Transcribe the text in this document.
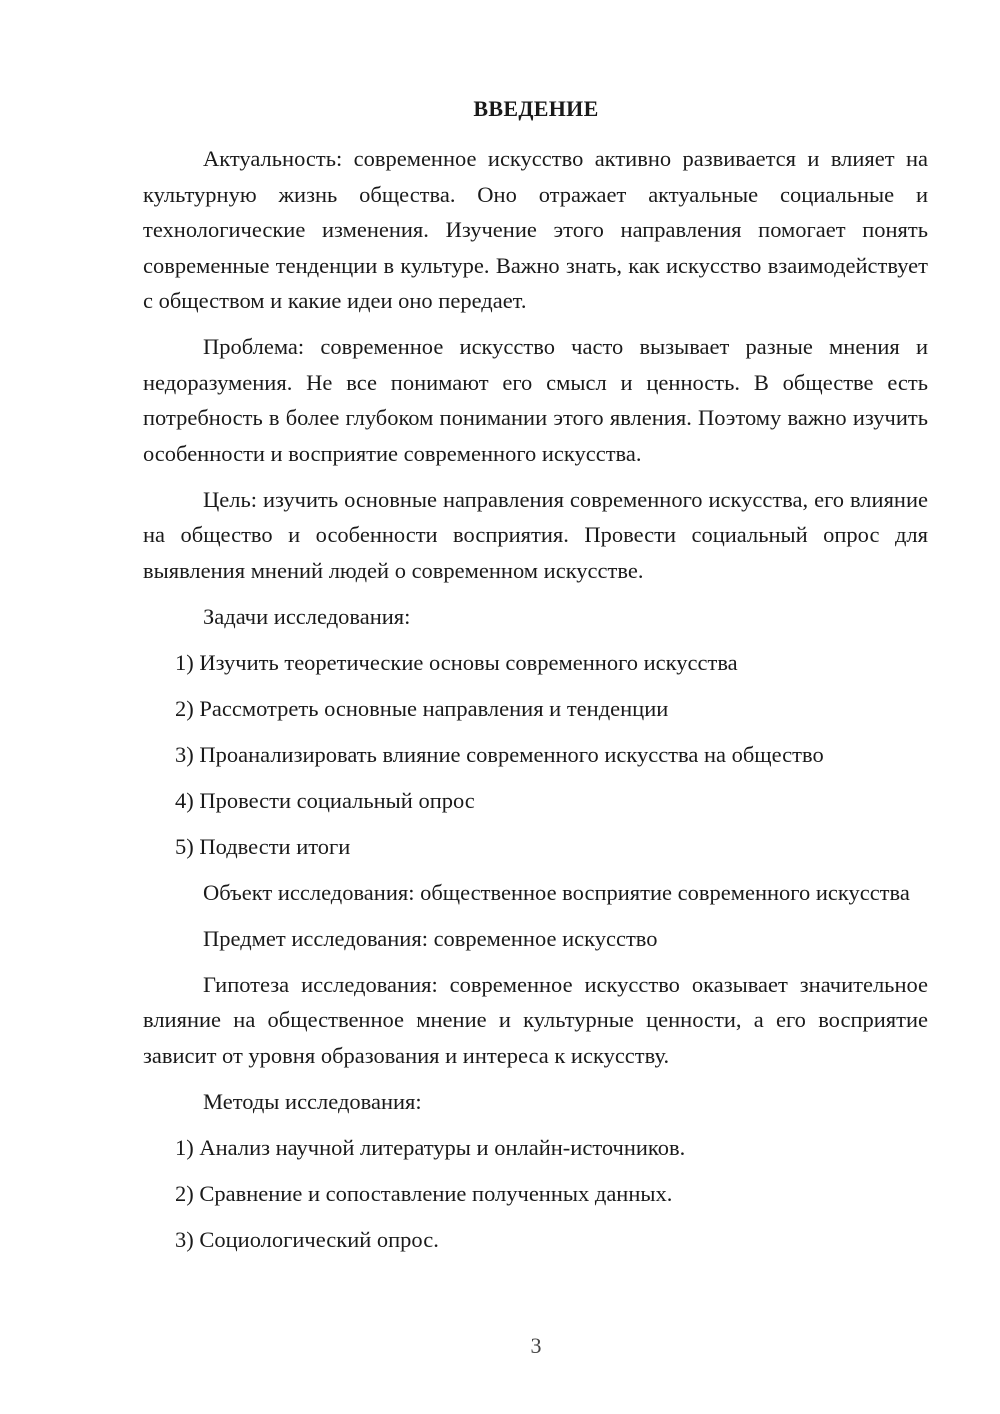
ВВЕДЕНИЕ

Актуальность: современное искусство активно развивается и влияет на культурную жизнь общества. Оно отражает актуальные социальные и технологические изменения. Изучение этого направления помогает понять современные тенденции в культуре. Важно знать, как искусство взаимодействует с обществом и какие идеи оно передает.

Проблема: современное искусство часто вызывает разные мнения и недоразумения. Не все понимают его смысл и ценность. В обществе есть потребность в более глубоком понимании этого явления. Поэтому важно изучить особенности и восприятие современного искусства.

Цель: изучить основные направления современного искусства, его влияние на общество и особенности восприятия. Провести социальный опрос для выявления мнений людей о современном искусстве.

Задачи исследования:

1) Изучить теоретические основы современного искусства

2) Рассмотреть основные направления и тенденции

3) Проанализировать влияние современного искусства на общество

4) Провести социальный опрос

5) Подвести итоги

Объект исследования: общественное восприятие современного искусства

Предмет исследования: современное искусство

Гипотеза исследования: современное искусство оказывает значительное влияние на общественное мнение и культурные ценности, а его восприятие зависит от уровня образования и интереса к искусству.

Методы исследования:

1) Анализ научной литературы и онлайн-источников.

2) Сравнение и сопоставление полученных данных.

3) Социологический опрос.

3
